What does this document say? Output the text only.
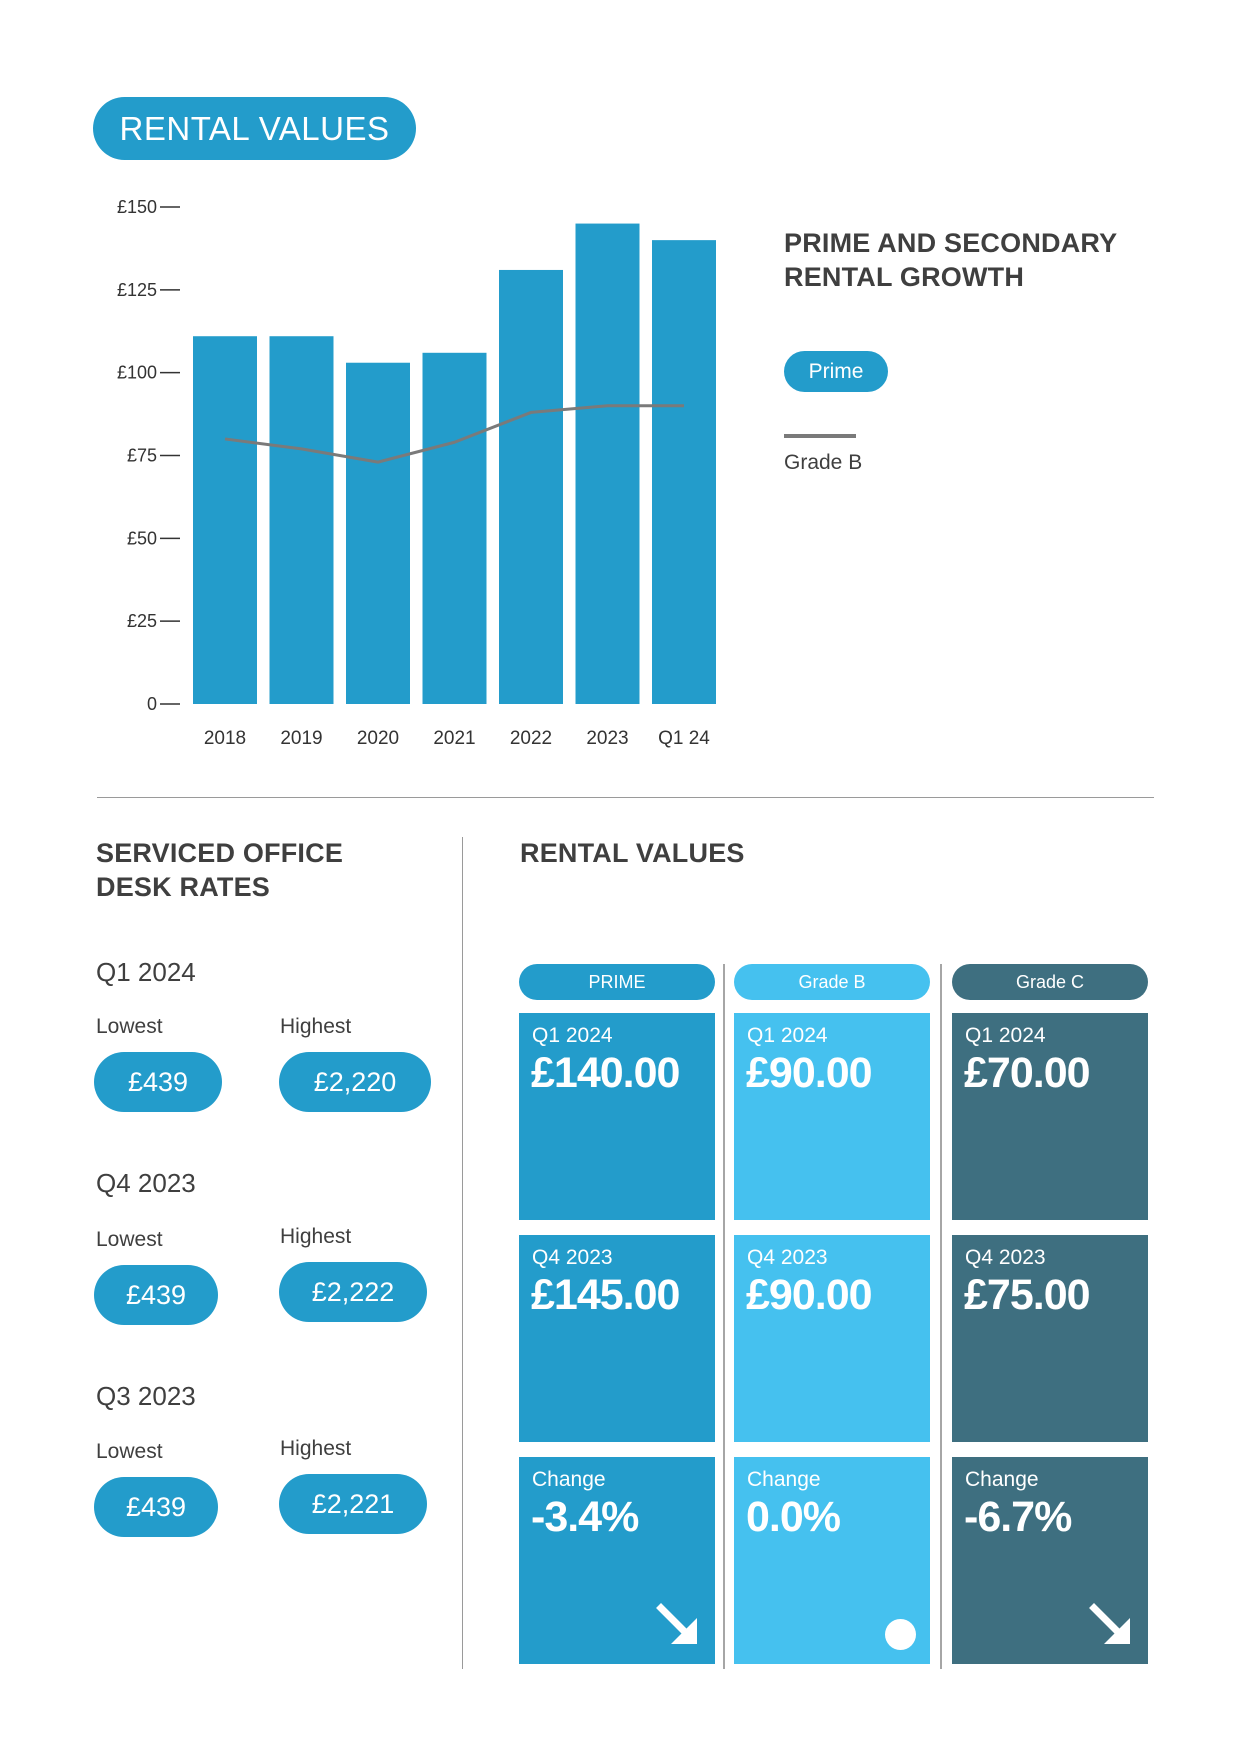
RENTAL VALUES
0
£25
£50
£75
£100
£125
£150
2018 2019 2020 2021 2022 2023 Q1 24
PRIME AND SECONDARY RENTAL GROWTH
Prime
Grade B
SERVICED OFFICE
DESK RATES
Q1 2024
Lowest	Highest
£439	£2,220
Q4 2023
Lowest	Highest
£439	£2,222
Q3 2023
Lowest	Highest
£439	£2,221
RENTAL VALUES
PRIME
Q1 2024
£140.00
Q4 2023
£145.00
Change
-3.4%
Grade B
Q1 2024
£90.00
Q4 2023
£90.00
Change
0.0%
Grade C
Q1 2024
£70.00
Q4 2023
£75.00
Change
-6.7%
